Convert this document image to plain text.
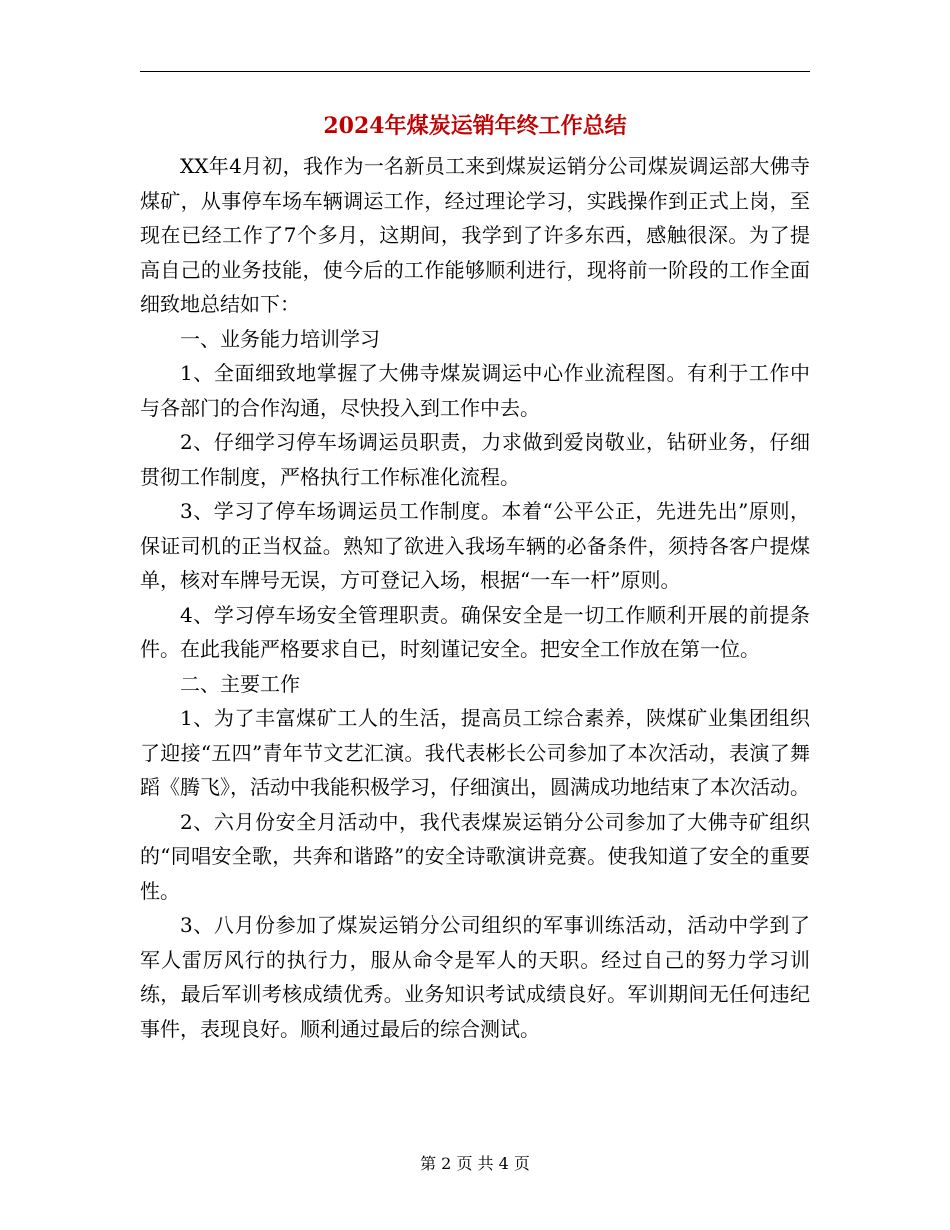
2024年煤炭运销年终工作总结

XX年4月初，我作为一名新员工来到煤炭运销分公司煤炭调运部大佛寺煤矿，从事停车场车辆调运工作，经过理论学习，实践操作到正式上岗，至现在已经工作了7个多月，这期间，我学到了许多东西，感触很深。为了提高自己的业务技能，使今后的工作能够顺利进行，现将前一阶段的工作全面细致地总结如下：

一、业务能力培训学习

1、全面细致地掌握了大佛寺煤炭调运中心作业流程图。有利于工作中与各部门的合作沟通，尽快投入到工作中去。

2、仔细学习停车场调运员职责，力求做到爱岗敬业，钻研业务，仔细贯彻工作制度，严格执行工作标准化流程。

3、学习了停车场调运员工作制度。本着“公平公正，先进先出”原则，保证司机的正当权益。熟知了欲进入我场车辆的必备条件，须持各客户提煤单，核对车牌号无误，方可登记入场，根据“一车一杆”原则。

4、学习停车场安全管理职责。确保安全是一切工作顺利开展的前提条件。在此我能严格要求自已，时刻谨记安全。把安全工作放在第一位。

二、主要工作

1、为了丰富煤矿工人的生活，提高员工综合素养，陕煤矿业集团组织了迎接“五四”青年节文艺汇演。我代表彬长公司参加了本次活动，表演了舞蹈《腾飞》，活动中我能积极学习，仔细演出，圆满成功地结束了本次活动。

2、六月份安全月活动中，我代表煤炭运销分公司参加了大佛寺矿组织的“同唱安全歌，共奔和谐路”的安全诗歌演讲竞赛。使我知道了安全的重要性。

3、八月份参加了煤炭运销分公司组织的军事训练活动，活动中学到了军人雷厉风行的执行力，服从命令是军人的天职。经过自己的努力学习训练，最后军训考核成绩优秀。业务知识考试成绩良好。军训期间无任何违纪事件，表现良好。顺利通过最后的综合测试。

第 2 页 共 4 页
